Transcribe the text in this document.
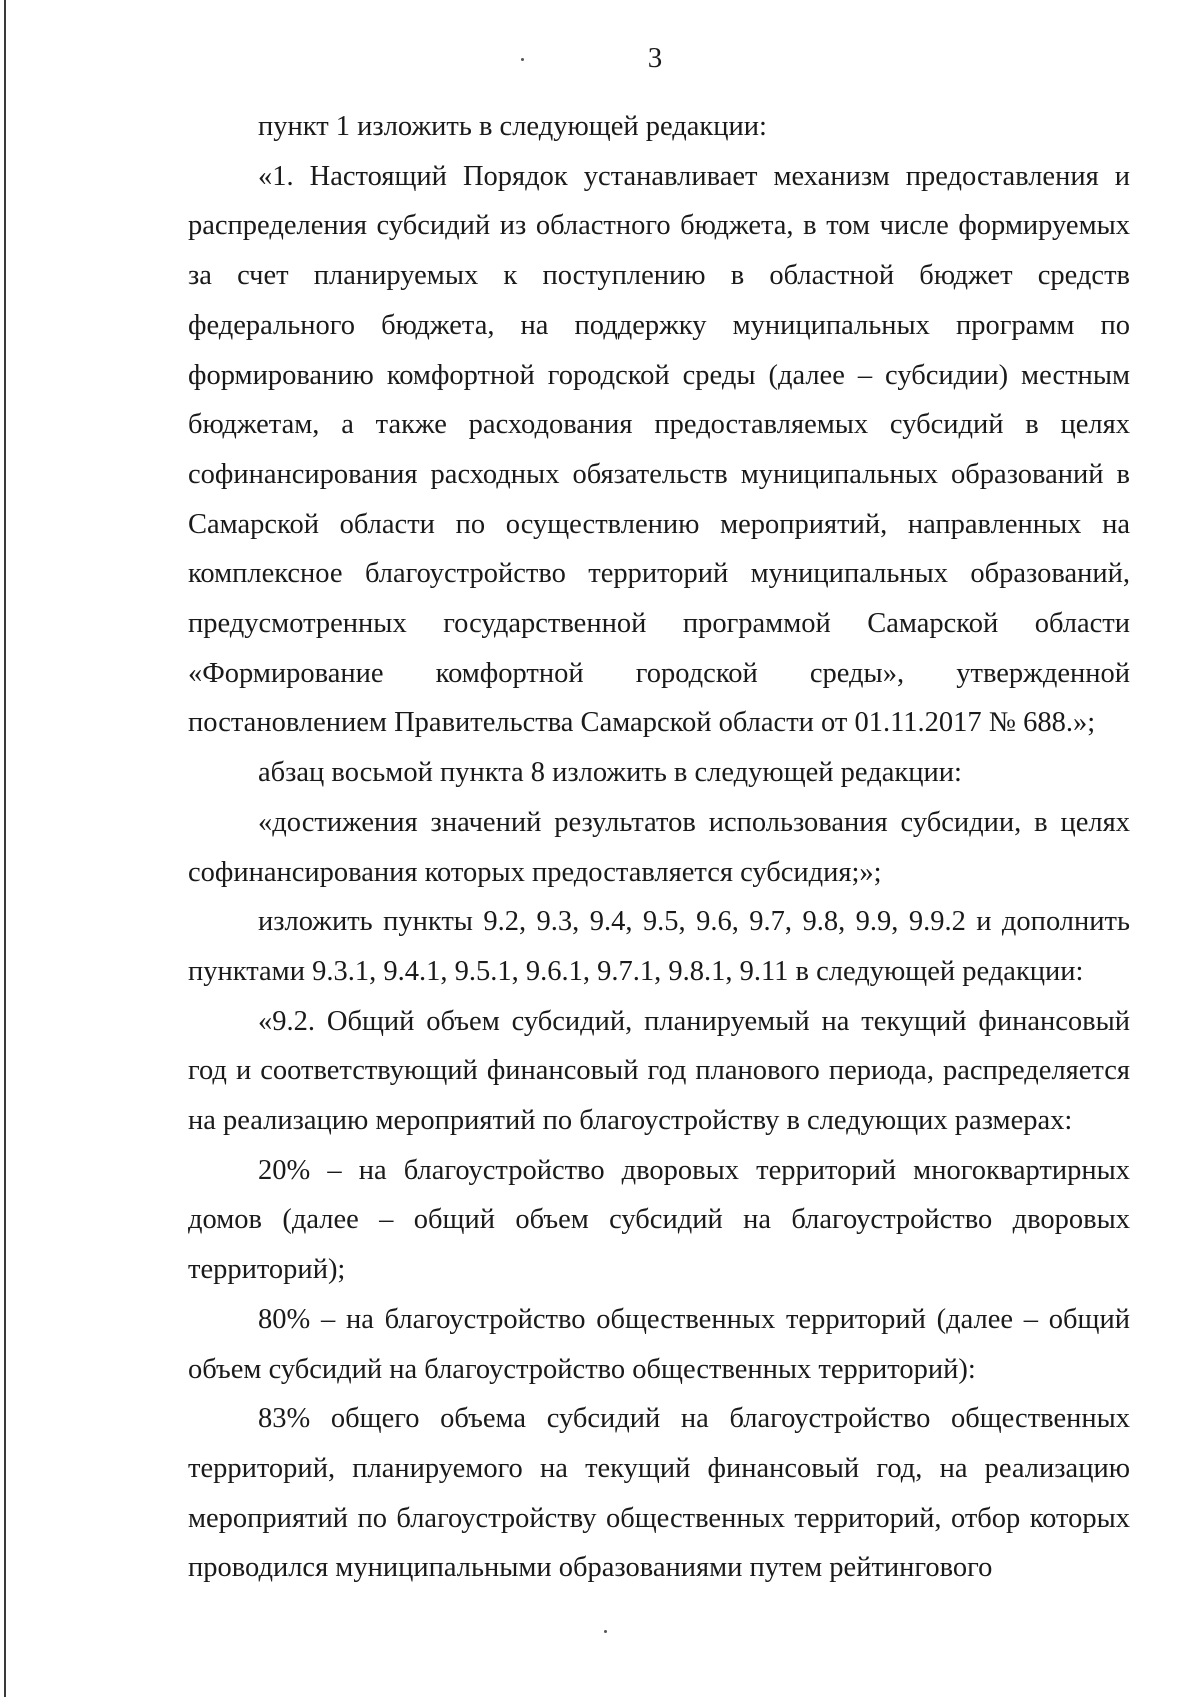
3

пункт 1 изложить в следующей редакции:

«1. Настоящий Порядок устанавливает механизм предоставления и распределения субсидий из областного бюджета, в том числе формируемых за счет планируемых к поступлению в областной бюджет средств федерального бюджета, на поддержку муниципальных программ по формированию комфортной городской среды (далее – субсидии) местным бюджетам, а также расходования предоставляемых субсидий в целях софинансирования расходных обязательств муниципальных образований в Самарской области по осуществлению мероприятий, направленных на комплексное благоустройство территорий муниципальных образований, предусмотренных государственной программой Самарской области «Формирование комфортной городской среды», утвержденной постановлением Правительства Самарской области от 01.11.2017 № 688.»;

абзац восьмой пункта 8 изложить в следующей редакции:

«достижения значений результатов использования субсидии, в целях софинансирования которых предоставляется субсидия;»;

изложить пункты 9.2, 9.3, 9.4, 9.5, 9.6, 9.7, 9.8, 9.9, 9.9.2 и дополнить пунктами 9.3.1, 9.4.1, 9.5.1, 9.6.1, 9.7.1, 9.8.1, 9.11 в следующей редакции:

«9.2. Общий объем субсидий, планируемый на текущий финансовый год и соответствующий финансовый год планового периода, распределяется на реализацию мероприятий по благоустройству в следующих размерах:

20% – на благоустройство дворовых территорий многоквартирных домов (далее – общий объем субсидий на благоустройство дворовых территорий);

80% – на благоустройство общественных территорий (далее – общий объем субсидий на благоустройство общественных территорий):

83% общего объема субсидий на благоустройство общественных территорий, планируемого на текущий финансовый год, на реализацию мероприятий по благоустройству общественных территорий, отбор которых проводился муниципальными образованиями путем рейтингового
